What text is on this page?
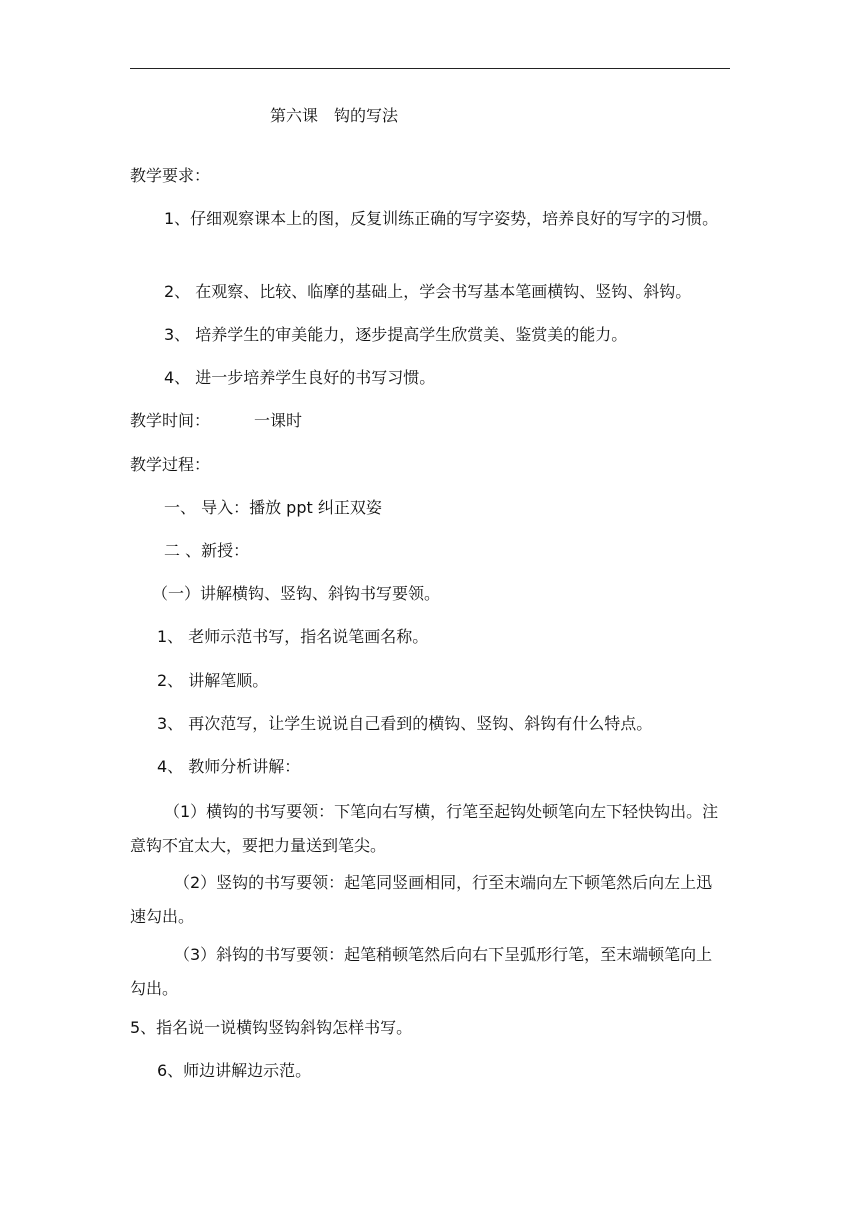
第六课　钩的写法
教学要求：
1、仔细观察课本上的图，反复训练正确的写字姿势，培养良好的写字的习惯。
2、 在观察、比较、临摩的基础上，学会书写基本笔画横钩、竖钩、斜钩。
3、 培养学生的审美能力，逐步提高学生欣赏美、鉴赏美的能力。
4、 进一步培养学生良好的书写习惯。
教学时间：	一课时
教学过程：
一、 导入：播放 ppt 纠正双姿
二 、新授：
（一）讲解横钩、竖钩、斜钩书写要领。
1、 老师示范书写，指名说笔画名称。
2、 讲解笔顺。
3、 再次范写，让学生说说自己看到的横钩、竖钩、斜钩有什么特点。
4、 教师分析讲解：
（1）横钩的书写要领：下笔向右写横，行笔至起钩处顿笔向左下轻快钩出。注意钩不宜太大，要把力量送到笔尖。
（2）竖钩的书写要领：起笔同竖画相同，行至末端向左下顿笔然后向左上迅速勾出。
（3）斜钩的书写要领：起笔稍顿笔然后向右下呈弧形行笔，至末端顿笔向上勾出。
5、指名说一说横钩竖钩斜钩怎样书写。
6、师边讲解边示范。
